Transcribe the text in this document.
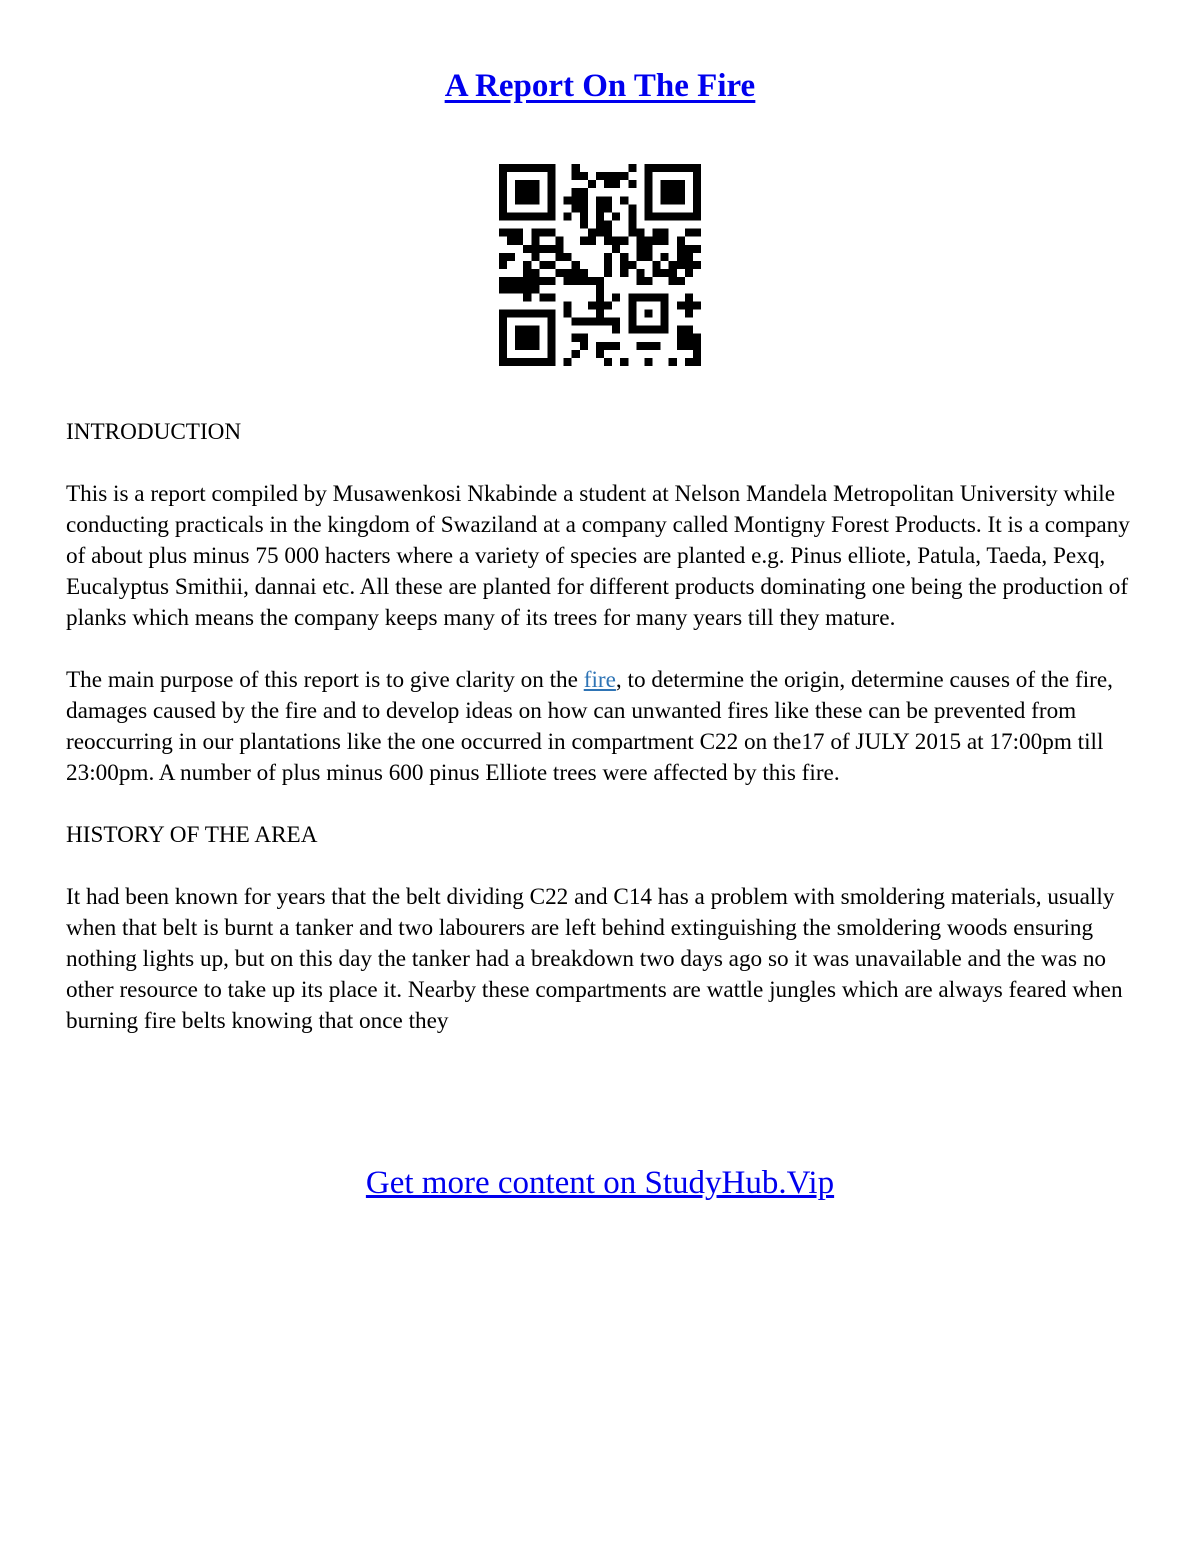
A Report On The Fire

INTRODUCTION

This is a report compiled by Musawenkosi Nkabinde a student at Nelson Mandela Metropolitan University while conducting practicals in the kingdom of Swaziland at a company called Montigny Forest Products. It is a company of about plus minus 75 000 hacters where a variety of species are planted e.g. Pinus elliote, Patula, Taeda, Pexq, Eucalyptus Smithii, dannai etc. All these are planted for different products dominating one being the production of planks which means the company keeps many of its trees for many years till they mature.

The main purpose of this report is to give clarity on the fire, to determine the origin, determine causes of the fire, damages caused by the fire and to develop ideas on how can unwanted fires like these can be prevented from reoccurring in our plantations like the one occurred in compartment C22 on the17 of JULY 2015 at 17:00pm till 23:00pm. A number of plus minus 600 pinus Elliote trees were affected by this fire.

HISTORY OF THE AREA

It had been known for years that the belt dividing C22 and C14 has a problem with smoldering materials, usually when that belt is burnt a tanker and two labourers are left behind extinguishing the smoldering woods ensuring nothing lights up, but on this day the tanker had a breakdown two days ago so it was unavailable and the was no other resource to take up its place it. Nearby these compartments are wattle jungles which are always feared when burning fire belts knowing that once they

Get more content on StudyHub.Vip
